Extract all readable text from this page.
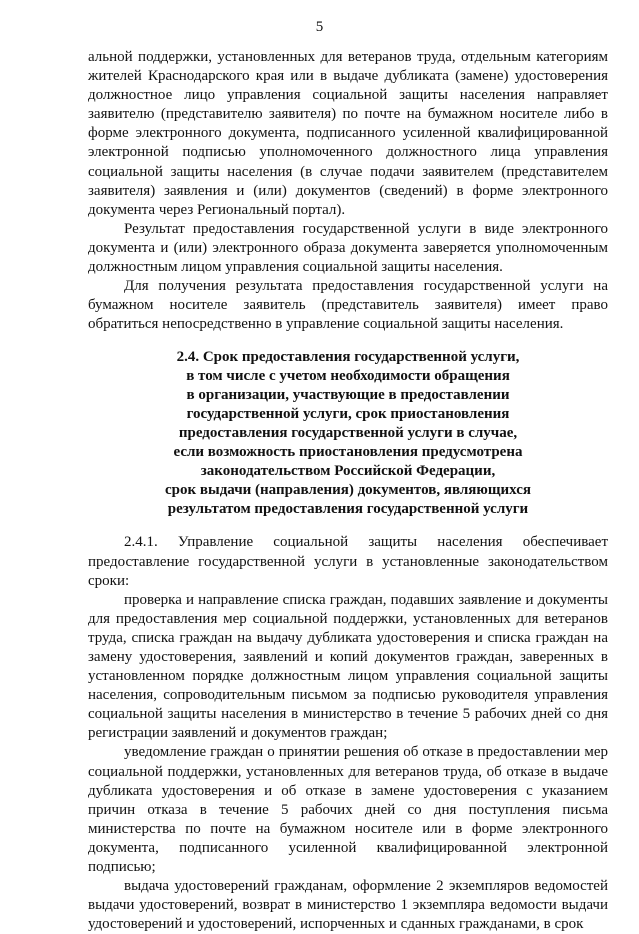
5

альной поддержки, установленных для ветеранов труда, отдельным категориям жителей Краснодарского края или в выдаче дубликата (замене) удостоверения должностное лицо управления социальной защиты населения направляет заявителю (представителю заявителя) по почте на бумажном носителе либо в форме электронного документа, подписанного усиленной квалифицированной электронной подписью уполномоченного должностного лица управления социальной защиты населения (в случае подачи заявителем (представителем заявителя) заявления и (или) документов (сведений) в форме электронного документа через Региональный портал).

Результат предоставления государственной услуги в виде электронного документа и (или) электронного образа документа заверяется уполномоченным должностным лицом управления социальной защиты населения.

Для получения результата предоставления государственной услуги на бумажном носителе заявитель (представитель заявителя) имеет право обратиться непосредственно в управление социальной защиты населения.

2.4. Срок предоставления государственной услуги,
в том числе с учетом необходимости обращения
в организации, участвующие в предоставлении
государственной услуги, срок приостановления
предоставления государственной услуги в случае,
если возможность приостановления предусмотрена
законодательством Российской Федерации,
срок выдачи (направления) документов, являющихся
результатом предоставления государственной услуги

2.4.1. Управление социальной защиты населения обеспечивает предоставление государственной услуги в установленные законодательством сроки:

проверка и направление списка граждан, подавших заявление и документы для предоставления мер социальной поддержки, установленных для ветеранов труда, списка граждан на выдачу дубликата удостоверения и списка граждан на замену удостоверения, заявлений и копий документов граждан, заверенных в установленном порядке должностным лицом управления социальной защиты населения, сопроводительным письмом за подписью руководителя управления социальной защиты населения в министерство в течение 5 рабочих дней со дня регистрации заявлений и документов граждан;

уведомление граждан о принятии решения об отказе в предоставлении мер социальной поддержки, установленных для ветеранов труда, об отказе в выдаче дубликата удостоверения и об отказе в замене удостоверения с указанием причин отказа в течение 5 рабочих дней со дня поступления письма министерства по почте на бумажном носителе или в форме электронного документа, подписанного усиленной квалифицированной электронной подписью;

выдача удостоверений гражданам, оформление 2 экземпляров ведомостей выдачи удостоверений, возврат в министерство 1 экземпляра ведомости выдачи удостоверений и удостоверений, испорченных и сданных гражданами, в срок
